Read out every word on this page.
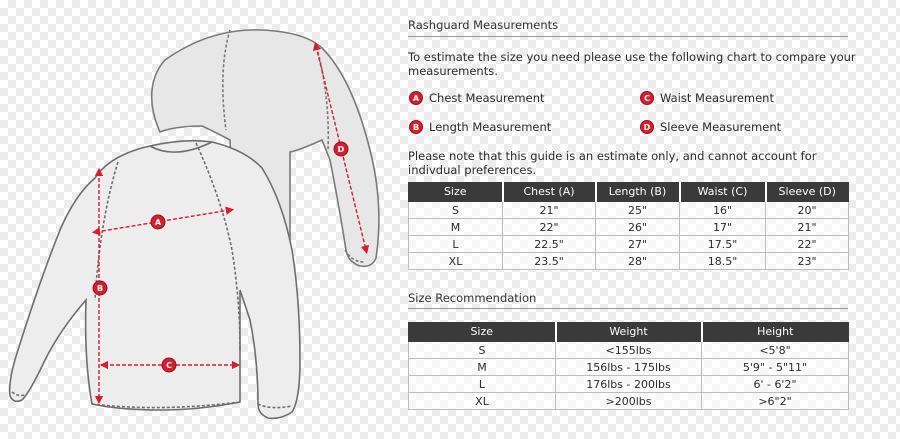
A
B
C
D
Rashguard Measurements
To estimate the size you need please use the following chart to compare your
measurements.
A Chest Measurement
B Length Measurement
C Waist Measurement
D Sleeve Measurement
Please note that this guide is an estimate only, and cannot account for
indivdual preferences.
Size	Chest (A)	Length (B)	Waist (C)	Sleeve (D)
S	21"	25"	16"	20"
M	22"	26"	17"	21"
L	22.5"	27"	17.5"	22"
XL	23.5"	28"	18.5"	23"
Size Recommendation
Size	Weight	Height
S	<155lbs	<5'8"
M	156lbs - 175lbs	5'9" - 5"11"
L	176lbs - 200lbs	6' - 6'2"
XL	>200lbs	>6"2"
